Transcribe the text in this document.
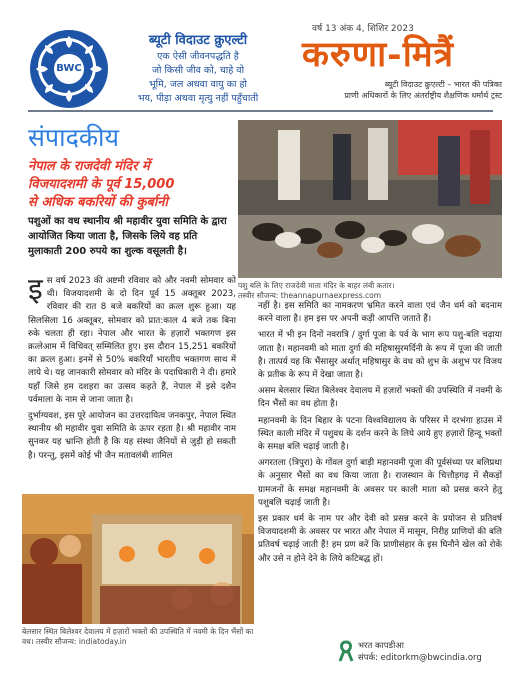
BWC
ब्यूटी विदाउट क्रुएल्टी
एक ऐसी जीवनपद्धति है
जो किसी जीव को, चाहे वो
भूमि, जल अथवा वायु का हो
भय, पीड़ा अथवा मृत्यु नहीं पहुँचाती
वर्ष 13 अंक 4, शिशिर 2023
करुणा-मित्रैं
ब्यूटी विदाउट क्रुएल्टी – भारत की पत्रिका
प्राणी अधिकारों के लिए अंतर्राष्ट्रीय शैक्षणिक धर्मार्थ ट्रस्ट
संपादकीय
नेपाल के राजदेवी मंदिर में
विजयादशमी के पूर्व 15,000
से अधिक बकरियों की कुर्बानी
पशुओं का वध स्थानीय श्री महावीर युवा समिति के द्वारा आयोजित किया जाता है, जिसके लिये वह प्रति मुलाकाती 200 रुपये का शुल्क वसूलती है।
पशु बलि के लिए राजदेवी माता मंदिर के बाहर लंबी कतार।
तस्वीर सौजन्य: theannapurnaexpress.com

इस वर्ष 2023 की अष्टमी रविवार को और नवमी सोमवार को थी। विजयादशमी के दो दिन पूर्व 15 अक्तूबर 2023, रविवार की रात 8 बजे बकरियों का क़त्ल शुरू हुआ। यह सिलसिला 16 अक्तूबर, सोमवार को प्रात:काल 4 बजे तक बिना रुके चलता ही रहा। नेपाल और भारत के हज़ारों भक्तगण इस क़त्लेआम में विधिवत् सम्मिलित हुए। इस दौरान 15,251 बकरियों का क़त्ल हुआ। इनमें से 50% बकरियाँ भारतीय भक्तगण साथ में लाये थे। यह जानकारी सोमवार को मंदिर के पदाधिकारी ने दी। हमारे यहाँ जिसे हम दशहरा का उत्सव कहते हैं, नेपाल में इसे दशैन पर्वमाला के नाम से जाना जाता है।

दुर्भाग्यवश, इस पूरे आयोजन का उत्तरदायित्व जनकपुर, नेपाल स्थित स्थानीय श्री महावीर युवा समिति के ऊपर रहता है। श्री महावीर नाम सुनकर यह भ्रान्ति होती है कि यह संस्था जैनियों से जुड़ी हो सकती है। परन्तु, इसमें कोई भी जैन मतावलंबी शामिल

नहीं है। इस समिति का नामकरण भ्रमित करने वाला एवं जैन धर्म को बदनाम करने वाला है। हम इस पर अपनी कड़ी आपत्ति जताते हैं।

भारत में भी इन दिनों नवरात्रि / दुर्गा पूजा के पर्व के भाग रूप पशु-बलि चढ़ाया जाता है। महानवमी को माता दुर्गा की महिषासुरमर्दिनी के रूप में पूजा की जाती है। तात्पर्य यह कि भैंसासुर अर्थात् महिषासुर के वध को शुभ के अशुभ पर विजय के प्रतीक के रूप में देखा जाता है।

असम बेलसार स्थित बिलेश्वर देवालय में हज़ारों भक्तों की उपस्थिति में नवमी के दिन भैंसों का वध होता है।

महानवमी के दिन बिहार के पटना विश्वविद्यालय के परिसर में दरभंगा हाउस में स्थित काली मंदिर में पशुवध के दर्शन करने के लिये आये हुए हज़ारों हिन्दू भक्तों के समक्ष बलि चढ़ाई जाती है।

अगरतला (त्रिपुरा) के गोंवल दुर्गा बाड़ी महानवमी पूजा की पूर्वसंध्या पर बलिप्रथा के अनुसार भैंसों का वध किया जाता है। राजस्थान के चित्तौड़गढ़ में सैकड़ों ग्रामजनों के समक्ष महानवमी के अवसर पर काली माता को प्रसन्न करने हेतु पशुबलि चढ़ाई जाती है।

इस प्रकार धर्म के नाम पर और देवी को प्रसन्न करने के प्रयोजन से प्रतिवर्ष विजयादशमी के अवसर पर भारत और नेपाल में मासूम, निरीह प्राणियों की बलि प्रतिवर्ष चढ़ाई जाती हैं! हम प्रण करें कि प्राणीसंहार के इस घिनौने खेल को रोकें और उसे न होने देने के लिये कटिबद्ध हों।

बेलसार स्थित बिलेश्वर देवालय में हज़ारों भक्तों की उपस्थिति में नवमी के दिन भैंसों का वध। तस्वीर सौजन्य: indiatoday.in	भरत कापडीआ
संपर्क: editorkm@bwcindia.org
